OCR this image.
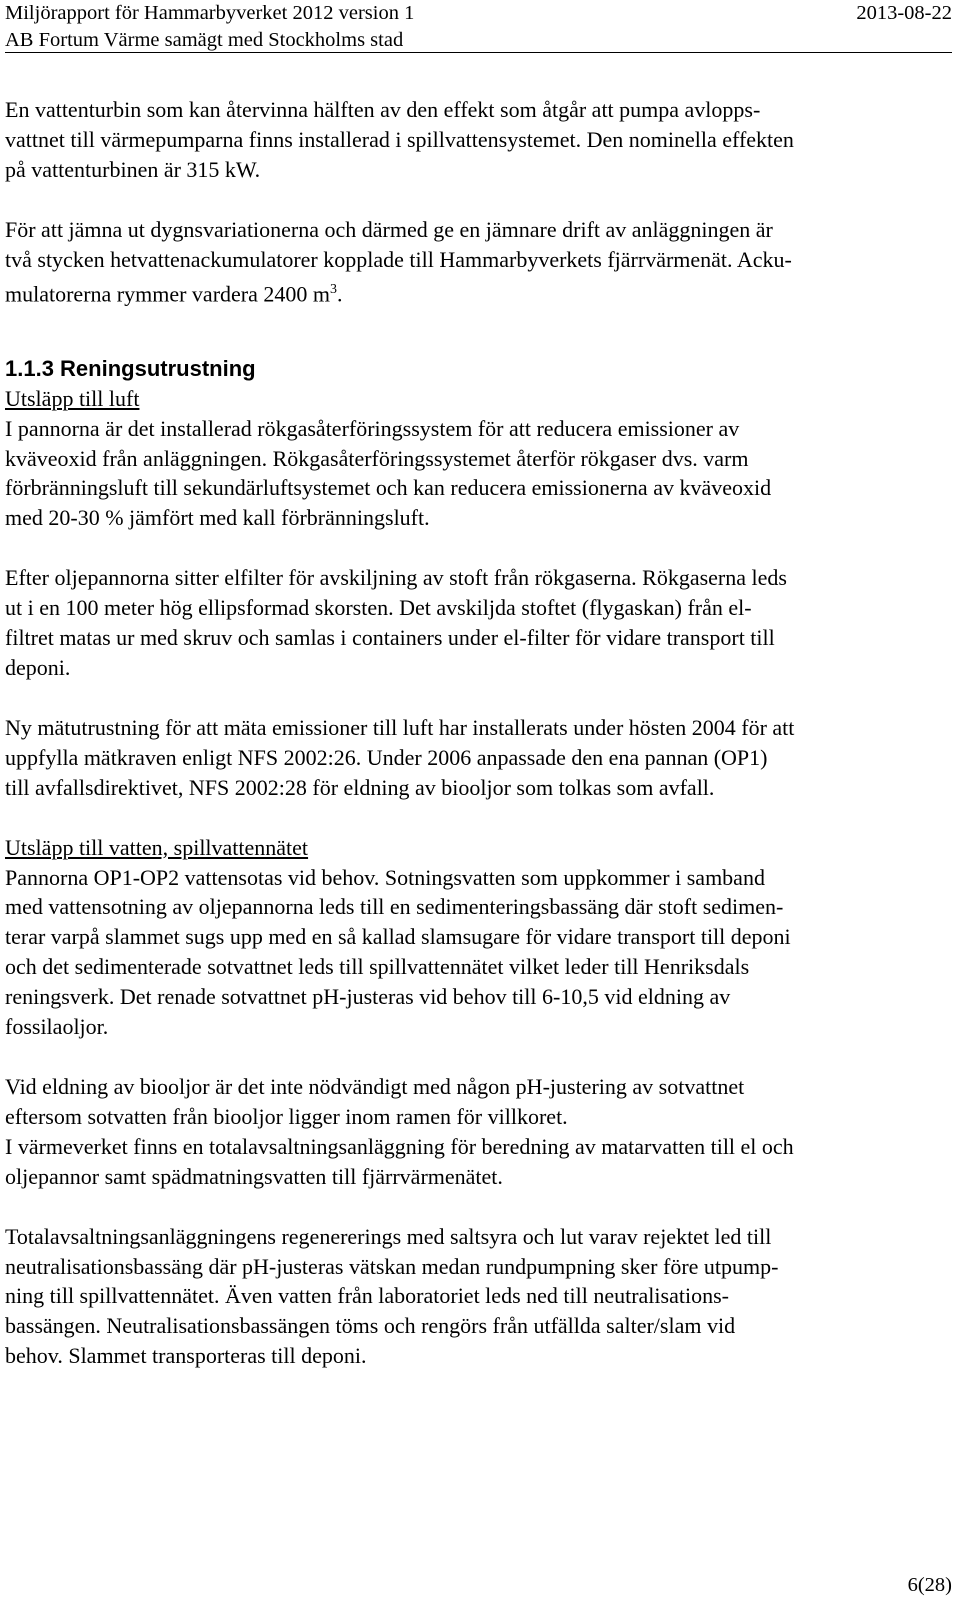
Miljörapport för Hammarbyverket 2012 version 1	2013-08-22
AB Fortum Värme samägt med Stockholms stad

En vattenturbin som kan återvinna hälften av den effekt som åtgår att pumpa avlopps-
vattnet till värmepumparna finns installerad i spillvattensystemet. Den nominella effekten
på vattenturbinen är 315 kW.

För att jämna ut dygnsvariationerna och därmed ge en jämnare drift av anläggningen är
två stycken hetvattenackumulatorer kopplade till Hammarbyverkets fjärrvärmenät. Acku-
mulatorerna rymmer vardera 2400 $m^3$.

1.1.3 Reningsutrustning

Utsläpp till luft

I pannorna är det installerad rökgasåterföringssystem för att reducera emissioner av
kväveoxid från anläggningen. Rökgasåterföringssystemet återför rökgaser dvs. varm
förbränningsluft till sekundärluftsystemet och kan reducera emissionerna av kväveoxid
med 20-30 % jämfört med kall förbränningsluft.

Efter oljepannorna sitter elfilter för avskiljning av stoft från rökgaserna. Rökgaserna leds
ut i en 100 meter hög ellipsformad skorsten. Det avskiljda stoftet (flygaskan) från el-
filtret matas ur med skruv och samlas i containers under el-filter för vidare transport till
deponi.

Ny mätutrustning för att mäta emissioner till luft har installerats under hösten 2004 för att
uppfylla mätkraven enligt NFS 2002:26. Under 2006 anpassade den ena pannan (OP1)
till avfallsdirektivet, NFS 2002:28 för eldning av biooljor som tolkas som avfall.

Utsläpp till vatten, spillvattennätet

Pannorna OP1-OP2 vattensotas vid behov. Sotningsvatten som uppkommer i samband
med vattensotning av oljepannorna leds till en sedimenteringsbassäng där stoft sedimen-
terar varpå slammet sugs upp med en så kallad slamsugare för vidare transport till deponi
och det sedimenterade sotvattnet leds till spillvattennätet vilket leder till Henriksdals
reningsverk. Det renade sotvattnet pH-justeras vid behov till 6-10,5 vid eldning av
fossilaoljor.

Vid eldning av biooljor är det inte nödvändigt med någon pH-justering av sotvattnet
eftersom sotvatten från biooljor ligger inom ramen för villkoret.

I värmeverket finns en totalavsaltningsanläggning för beredning av matarvatten till el och
oljepannor samt spädmatningsvatten till fjärrvärmenätet.

Totalavsaltningsanläggningens regenererings med saltsyra och lut varav rejektet led till
neutralisationsbassäng där pH-justeras vätskan medan rundpumpning sker före utpump-
ning till spillvattennätet. Även vatten från laboratoriet leds ned till neutralisations-
bassängen. Neutralisationsbassängen töms och rengörs från utfällda salter/slam vid
behov. Slammet transporteras till deponi.

6(28)
